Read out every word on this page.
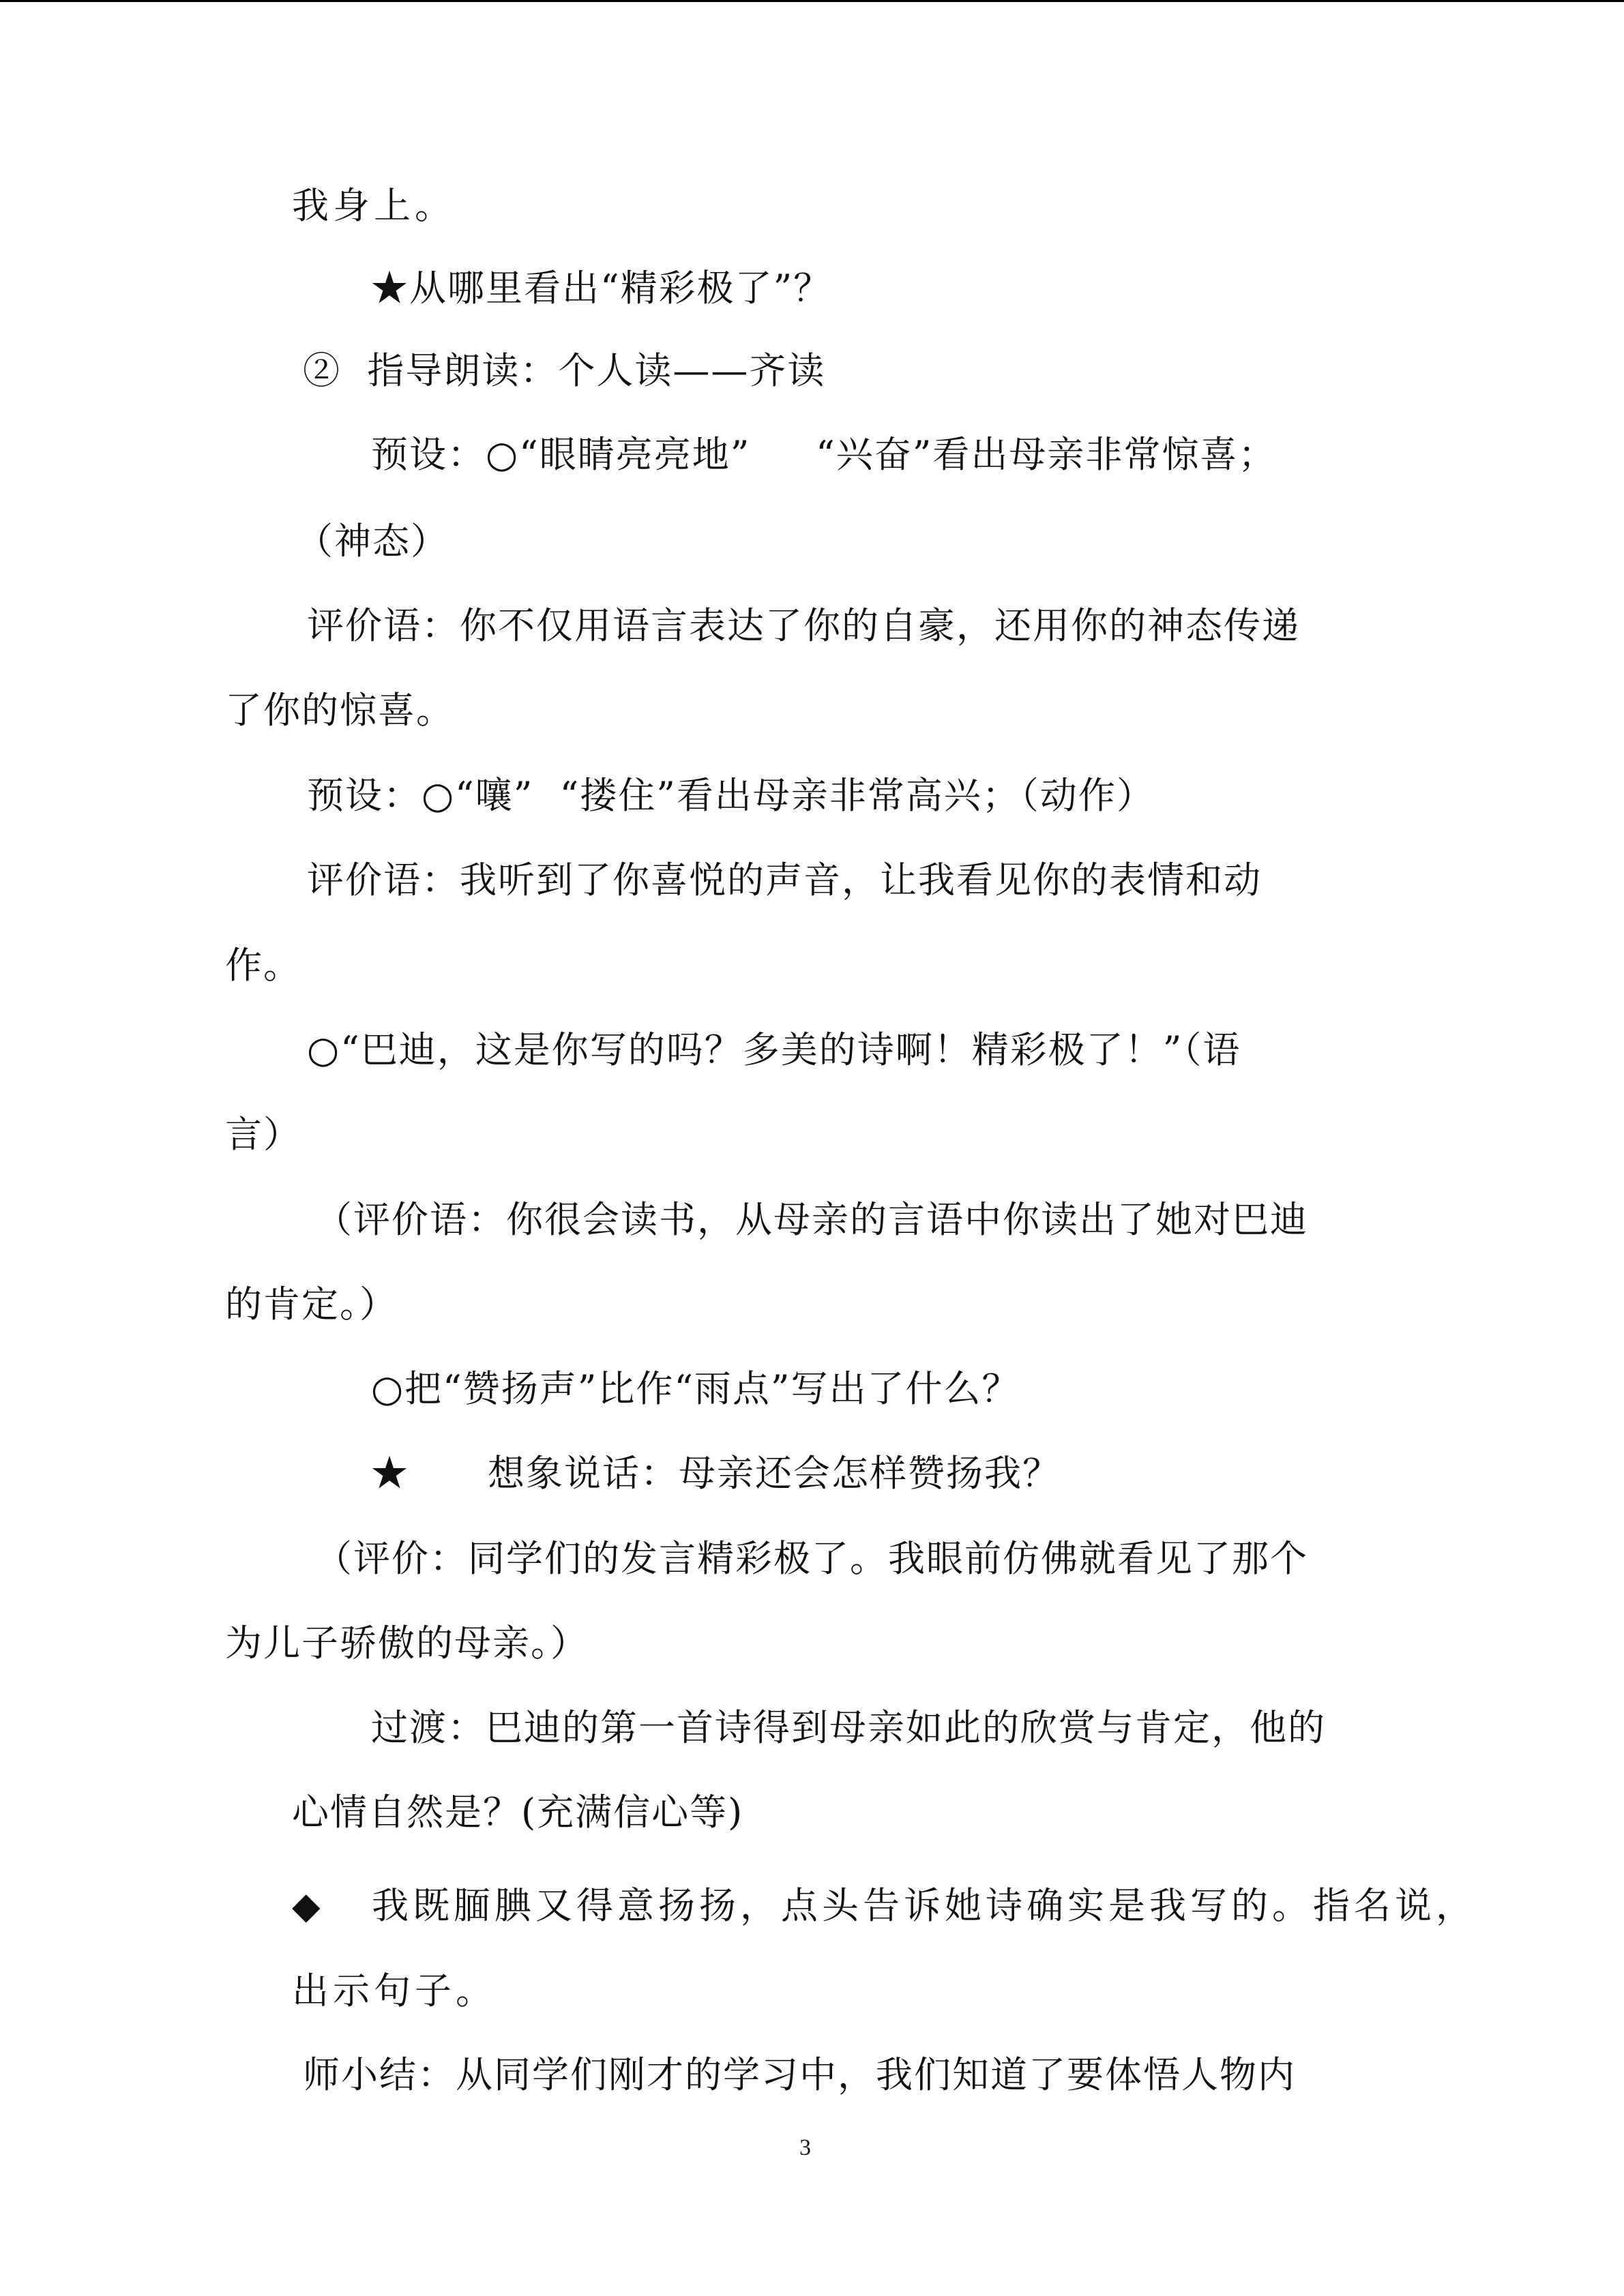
我身上。
★从哪里看出“精彩极了”？
②  指导朗读：个人读——齐读
预设：○“眼睛亮亮地”     “兴奋”看出母亲非常惊喜；
（神态）
评价语：你不仅用语言表达了你的自豪，还用你的神态传递
了你的惊喜。
预设：○“嚷”  “搂住”看出母亲非常高兴；（动作）
评价语：我听到了你喜悦的声音，让我看见你的表情和动
作。
○“巴迪，这是你写的吗？多美的诗啊！精彩极了！”（语
言）
（评价语：你很会读书，从母亲的言语中你读出了她对巴迪
的肯定。）
○把“赞扬声”比作“雨点”写出了什么？
★      想象说话：母亲还会怎样赞扬我？
（评价：同学们的发言精彩极了。我眼前仿佛就看见了那个
为儿子骄傲的母亲。）
过渡：巴迪的第一首诗得到母亲如此的欣赏与肯定，他的
心情自然是？(充满信心等)
◆   我既腼腆又得意扬扬，点头告诉她诗确实是我写的。指名说，
出示句子。
师小结：从同学们刚才的学习中，我们知道了要体悟人物内
3
